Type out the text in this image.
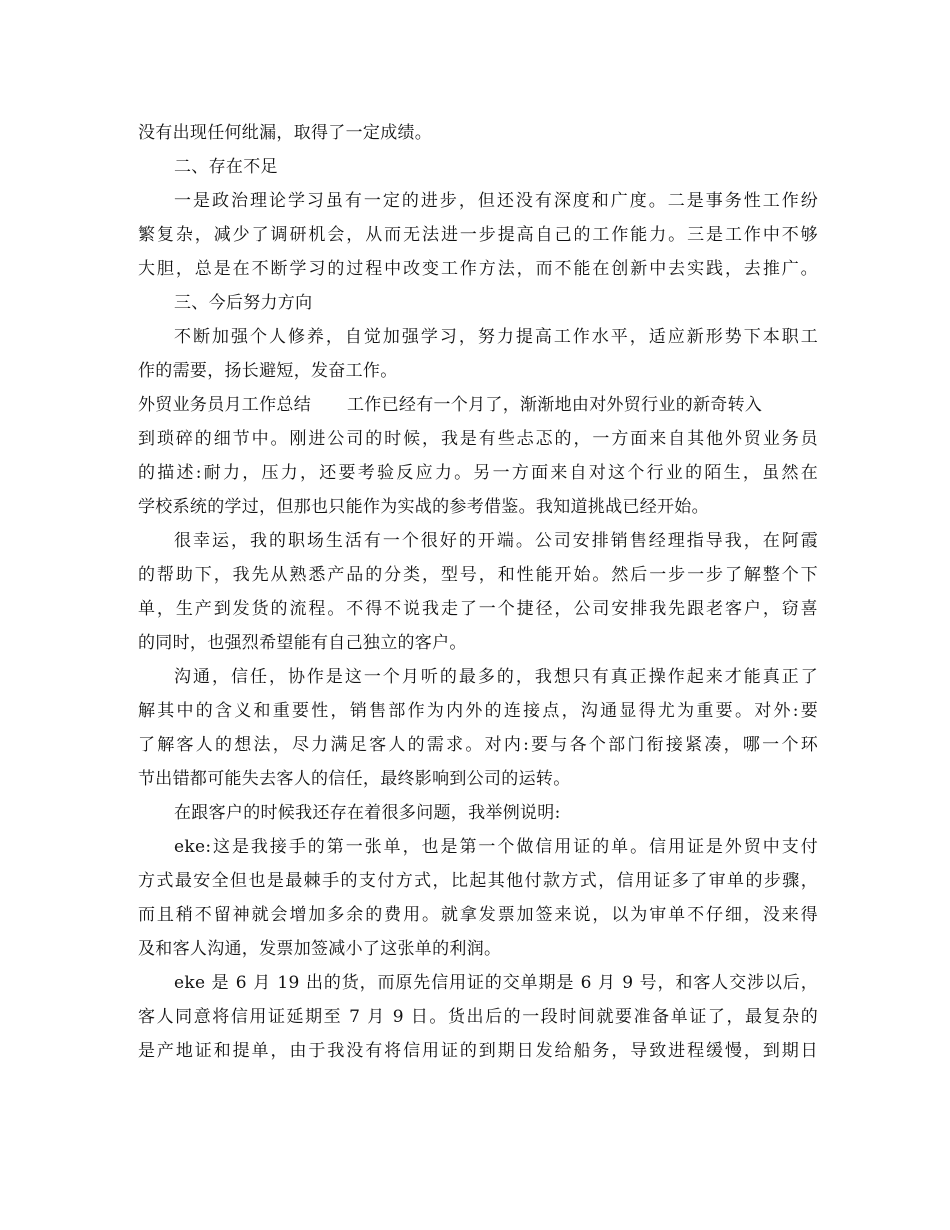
没有出现任何纰漏，取得了一定成绩。
二、存在不足
一是政治理论学习虽有一定的进步，但还没有深度和广度。二是事务性工作纷
繁复杂，减少了调研机会，从而无法进一步提高自己的工作能力。三是工作中不够
大胆，总是在不断学习的过程中改变工作方法，而不能在创新中去实践，去推广。
三、今后努力方向
不断加强个人修养，自觉加强学习，努力提高工作水平，适应新形势下本职工
作的需要，扬长避短，发奋工作。
外贸业务员月工作总结 工作已经有一个月了，渐渐地由对外贸行业的新奇转入
到琐碎的细节中。刚进公司的时候，我是有些忐忑的，一方面来自其他外贸业务员
的描述:耐力，压力，还要考验反应力。另一方面来自对这个行业的陌生，虽然在
学校系统的学过，但那也只能作为实战的参考借鉴。我知道挑战已经开始。
很幸运，我的职场生活有一个很好的开端。公司安排销售经理指导我，在阿霞
的帮助下，我先从熟悉产品的分类，型号，和性能开始。然后一步一步了解整个下
单，生产到发货的流程。不得不说我走了一个捷径，公司安排我先跟老客户，窃喜
的同时，也强烈希望能有自己独立的客户。
沟通，信任，协作是这一个月听的最多的，我想只有真正操作起来才能真正了
解其中的含义和重要性，销售部作为内外的连接点，沟通显得尤为重要。对外:要
了解客人的想法，尽力满足客人的需求。对内:要与各个部门衔接紧凑，哪一个环
节出错都可能失去客人的信任，最终影响到公司的运转。
在跟客户的时候我还存在着很多问题，我举例说明:
eke:这是我接手的第一张单，也是第一个做信用证的单。信用证是外贸中支付
方式最安全但也是最棘手的支付方式，比起其他付款方式，信用证多了审单的步骤，
而且稍不留神就会增加多余的费用。就拿发票加签来说，以为审单不仔细，没来得
及和客人沟通，发票加签减小了这张单的利润。
eke 是 6 月 19 出的货，而原先信用证的交单期是 6 月 9 号，和客人交涉以后，
客人同意将信用证延期至 7 月 9 日。货出后的一段时间就要准备单证了，最复杂的
是产地证和提单，由于我没有将信用证的到期日发给船务，导致进程缓慢，到期日
